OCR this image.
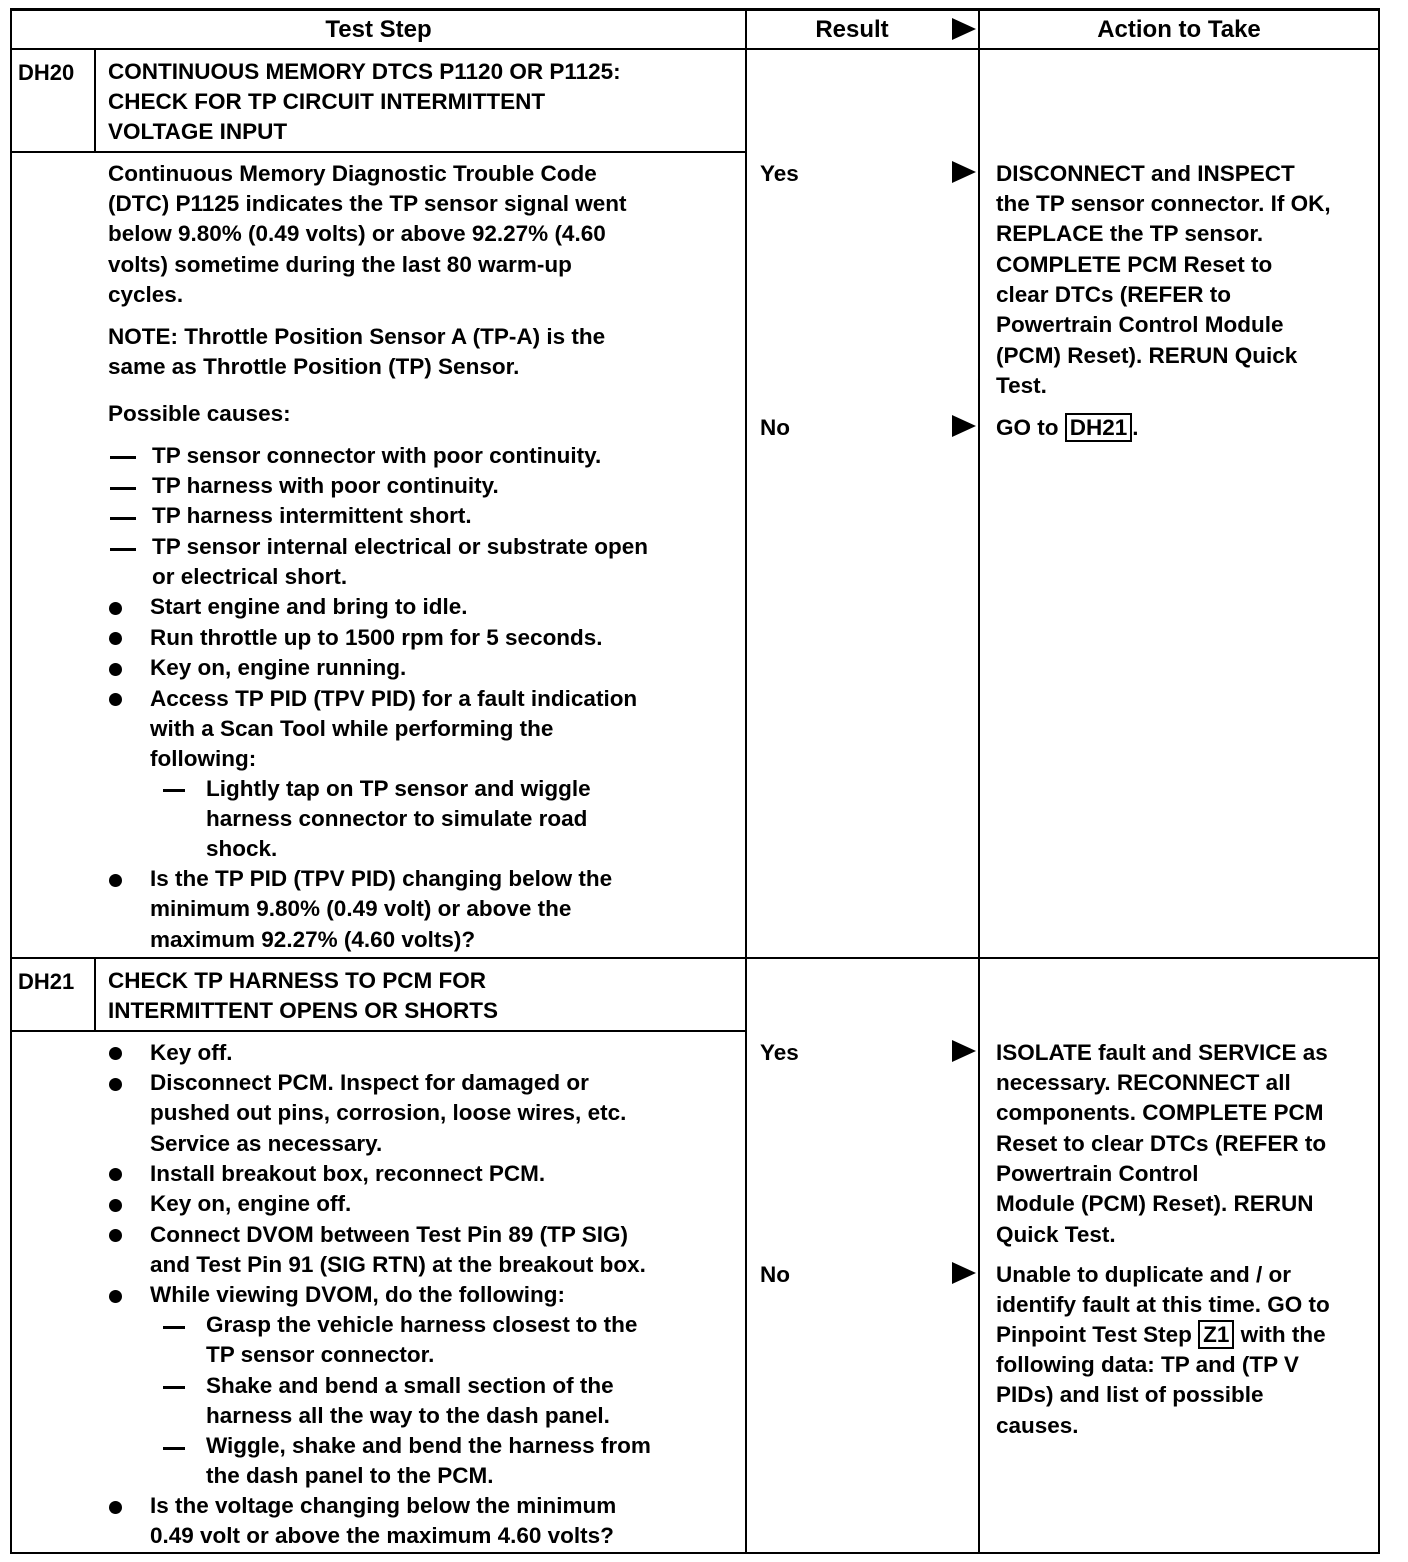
Test Step	Result	Action to Take
DH20 CONTINUOUS MEMORY DTCS P1120 OR P1125:
CHECK FOR TP CIRCUIT INTERMITTENT
VOLTAGE INPUT
Continuous Memory Diagnostic Trouble Code
(DTC) P1125 indicates the TP sensor signal went
below 9.80% (0.49 volts) or above 92.27% (4.60
volts) sometime during the last 80 warm-up
cycles.
NOTE: Throttle Position Sensor A (TP-A) is the
same as Throttle Position (TP) Sensor.
Possible causes:
TP sensor connector with poor continuity.
TP harness with poor continuity.
TP harness intermittent short.
TP sensor internal electrical or substrate open
or electrical short.
Start engine and bring to idle.
Run throttle up to 1500 rpm for 5 seconds.
Key on, engine running.
Access TP PID (TPV PID) for a fault indication
with a Scan Tool while performing the
following:
Lightly tap on TP sensor and wiggle
harness connector to simulate road
shock.
Is the TP PID (TPV PID) changing below the
minimum 9.80% (0.49 volt) or above the
maximum 92.27% (4.60 volts)?
Yes
No
DISCONNECT and INSPECT
the TP sensor connector. If OK,
REPLACE the TP sensor.
COMPLETE PCM Reset to
clear DTCs (REFER to
Powertrain Control Module
(PCM) Reset). RERUN Quick
Test.
GO to DH21 .
DH21 CHECK TP HARNESS TO PCM FOR
INTERMITTENT OPENS OR SHORTS
Key off.
Disconnect PCM. Inspect for damaged or
pushed out pins, corrosion, loose wires, etc.
Service as necessary.
Install breakout box, reconnect PCM.
Key on, engine off.
Connect DVOM between Test Pin 89 (TP SIG)
and Test Pin 91 (SIG RTN) at the breakout box.
While viewing DVOM, do the following:
Grasp the vehicle harness closest to the
TP sensor connector.
Shake and bend a small section of the
harness all the way to the dash panel.
Wiggle, shake and bend the harness from
the dash panel to the PCM.
Is the voltage changing below the minimum
0.49 volt or above the maximum 4.60 volts?
Yes
No
ISOLATE fault and SERVICE as
necessary. RECONNECT all
components. COMPLETE PCM
Reset to clear DTCs (REFER to
Powertrain Control
Module (PCM) Reset). RERUN
Quick Test.
Unable to duplicate and / or
identify fault at this time. GO to
Pinpoint Test Step Z1 with the
following data: TP and (TP V
PIDs) and list of possible
causes.
